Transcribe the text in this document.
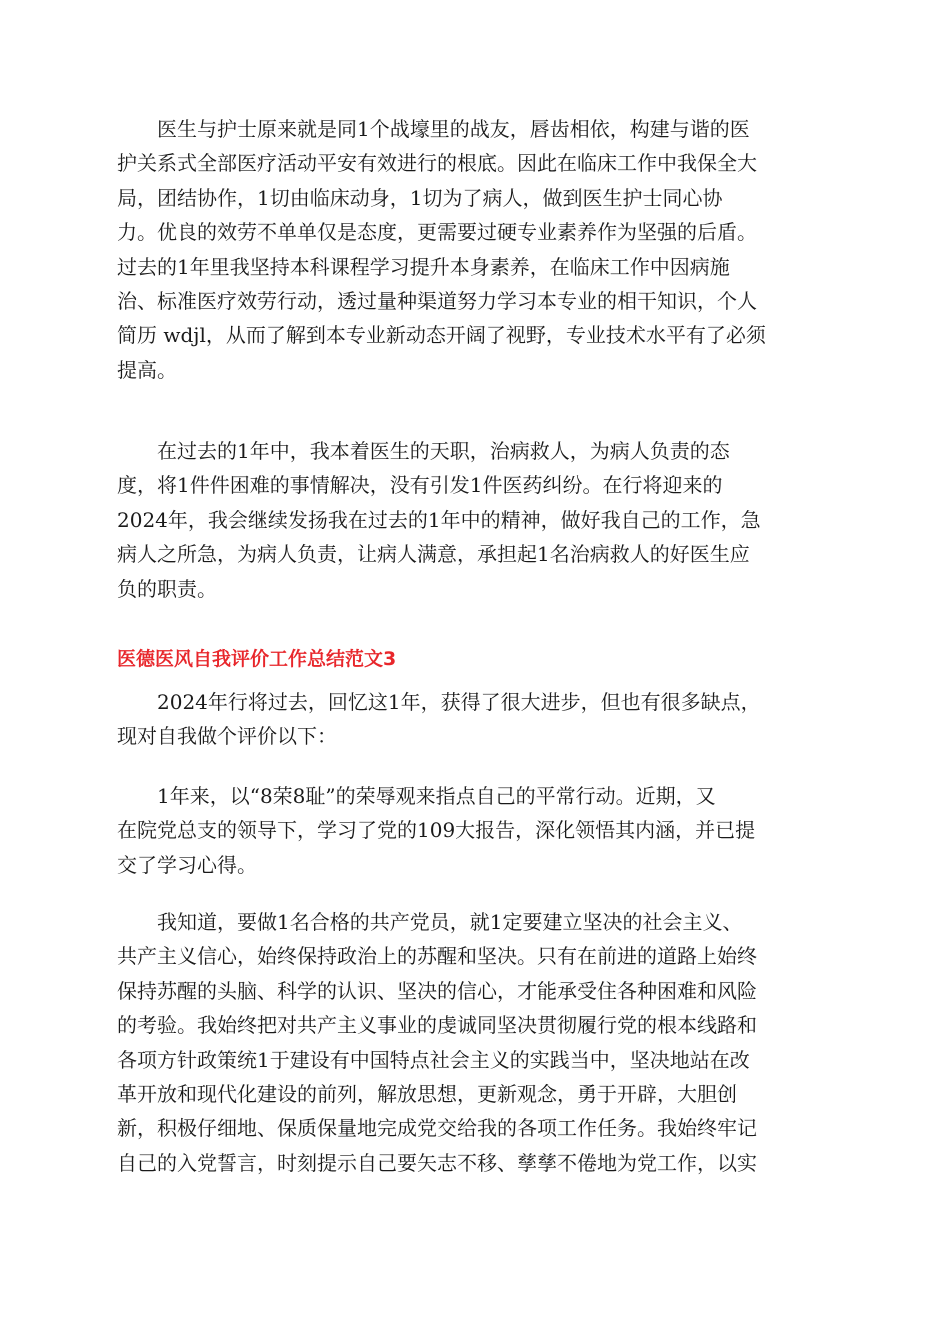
　　医生与护士原来就是同1个战壕里的战友，唇齿相依，构建与谐的医
护关系式全部医疗活动平安有效进行的根底。因此在临床工作中我保全大
局，团结协作，1切由临床动身，1切为了病人，做到医生护士同心协
力。优良的效劳不单单仅是态度，更需要过硬专业素养作为坚强的后盾。
过去的1年里我坚持本科课程学习提升本身素养，在临床工作中因病施
治、标准医疗效劳行动，透过量种渠道努力学习本专业的相干知识，个人
简历 wdjl，从而了解到本专业新动态开阔了视野，专业技术水平有了必须
提高。

　　在过去的1年中，我本着医生的天职，治病救人，为病人负责的态
度，将1件件困难的事情解决，没有引发1件医药纠纷。在行将迎来的
2024年，我会继续发扬我在过去的1年中的精神，做好我自己的工作，急
病人之所急，为病人负责，让病人满意，承担起1名治病救人的好医生应
负的职责。

医德医风自我评价工作总结范文3

　　2024年行将过去，回忆这1年，获得了很大进步，但也有很多缺点，
现对自我做个评价以下：

　　1年来，以“8荣8耻”的荣辱观来指点自己的平常行动。近期，又
在院党总支的领导下，学习了党的109大报告，深化领悟其内涵，并已提
交了学习心得。

　　我知道，要做1名合格的共产党员，就1定要建立坚决的社会主义、
共产主义信心，始终保持政治上的苏醒和坚决。只有在前进的道路上始终
保持苏醒的头脑、科学的认识、坚决的信心，才能承受住各种困难和风险
的考验。我始终把对共产主义事业的虔诚同坚决贯彻履行党的根本线路和
各项方针政策统1于建设有中国特点社会主义的实践当中，坚决地站在改
革开放和现代化建设的前列，解放思想，更新观念，勇于开辟，大胆创
新，积极仔细地、保质保量地完成党交给我的各项工作任务。我始终牢记
自己的入党誓言，时刻提示自己要矢志不移、孳孳不倦地为党工作，以实
